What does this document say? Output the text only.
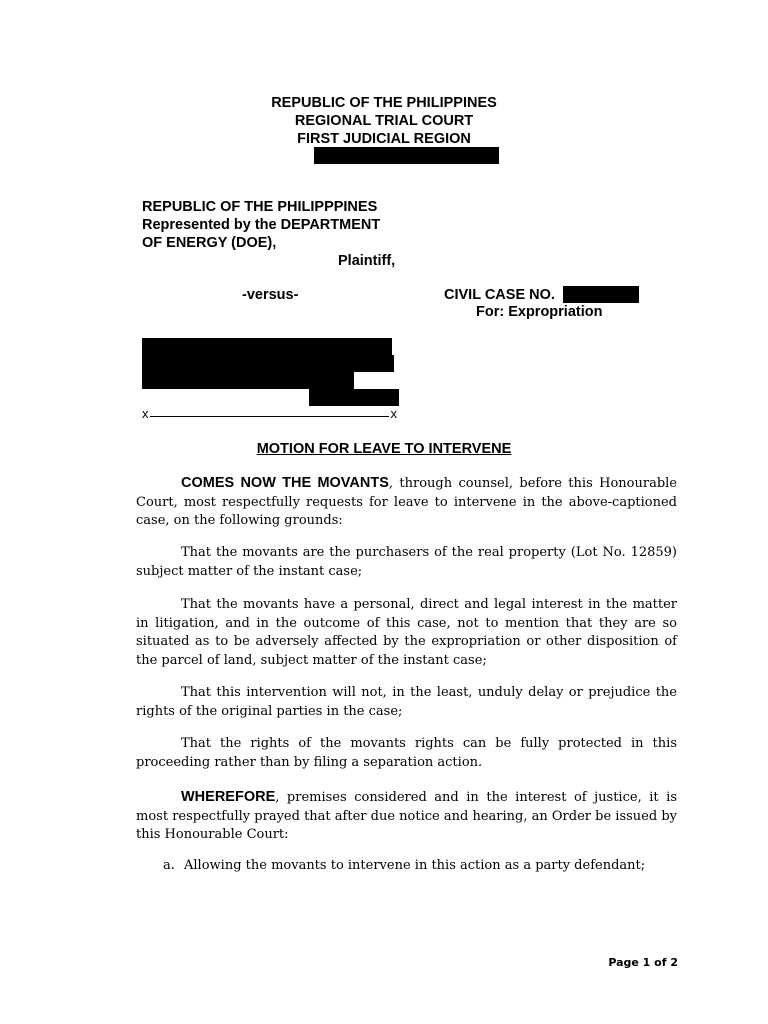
REPUBLIC OF THE PHILIPPINES
REGIONAL TRIAL COURT
FIRST JUDICIAL REGION
REPUBLIC OF THE PHILIPPPINES
Represented by the DEPARTMENT
OF ENERGY (DOE),
Plaintiff,
-versus-	CIVIL CASE NO.
For: Expropriation
x	x
MOTION FOR LEAVE TO INTERVENE
COMES NOW THE MOVANTS, through counsel, before this Honourable Court, most respectfully requests for leave to intervene in the above-captioned case, on the following grounds:
That the movants are the purchasers of the real property (Lot No. 12859) subject matter of the instant case;
That the movants have a personal, direct and legal interest in the matter in litigation, and in the outcome of this case, not to mention that they are so situated as to be adversely affected by the expropriation or other disposition of the parcel of land, subject matter of the instant case;
That this intervention will not, in the least, unduly delay or prejudice the rights of the original parties in the case;
That the rights of the movants rights can be fully protected in this proceeding rather than by filing a separation action.
WHEREFORE, premises considered and in the interest of justice, it is most respectfully prayed that after due notice and hearing, an Order be issued by this Honourable Court:
a. Allowing the movants to intervene in this action as a party defendant;
Page 1 of 2
